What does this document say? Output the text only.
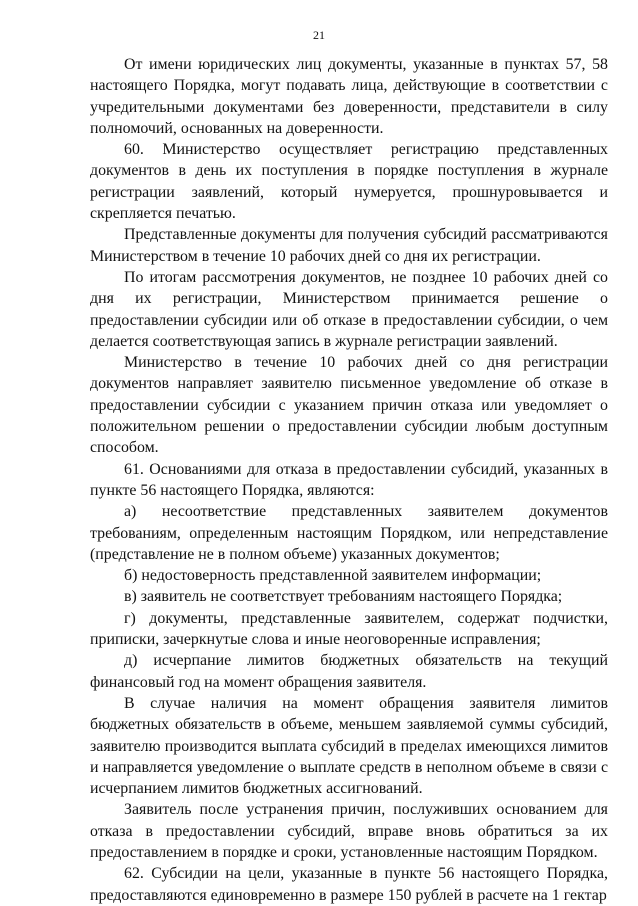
21

От имени юридических лиц документы, указанные в пунктах 57, 58 настоящего Порядка, могут подавать лица, действующие в соответствии с учредительными документами без доверенности, представители в силу полномочий, основанных на доверенности.

60. Министерство осуществляет регистрацию представленных документов в день их поступления в порядке поступления в журнале регистрации заявлений, который нумеруется, прошнуровывается и скрепляется печатью.

Представленные документы для получения субсидий рассматриваются Министерством в течение 10 рабочих дней со дня их регистрации.

По итогам рассмотрения документов, не позднее 10 рабочих дней со дня их регистрации, Министерством принимается решение о предоставлении субсидии или об отказе в предоставлении субсидии, о чем делается соответствующая запись в журнале регистрации заявлений.

Министерство в течение 10 рабочих дней со дня регистрации документов направляет заявителю письменное уведомление об отказе в предоставлении субсидии с указанием причин отказа или уведомляет о положительном решении о предоставлении субсидии любым доступным способом.

61. Основаниями для отказа в предоставлении субсидий, указанных в пункте 56 настоящего Порядка, являются:

а) несоответствие представленных заявителем документов требованиям, определенным настоящим Порядком, или непредставление (представление не в полном объеме) указанных документов;

б) недостоверность представленной заявителем информации;

в) заявитель не соответствует требованиям настоящего Порядка;

г) документы, представленные заявителем, содержат подчистки, приписки, зачеркнутые слова и иные неоговоренные исправления;

д) исчерпание лимитов бюджетных обязательств на текущий финансовый год на момент обращения заявителя.

В случае наличия на момент обращения заявителя лимитов бюджетных обязательств в объеме, меньшем заявляемой суммы субсидий, заявителю производится выплата субсидий в пределах имеющихся лимитов и направляется уведомление о выплате средств в неполном объеме в связи с исчерпанием лимитов бюджетных ассигнований.

Заявитель после устранения причин, послуживших основанием для отказа в предоставлении субсидий, вправе вновь обратиться за их предоставлением в порядке и сроки, установленные настоящим Порядком.

62. Субсидии на цели, указанные в пункте 56 настоящего Порядка, предоставляются единовременно в размере 150 рублей в расчете на 1 гектар
